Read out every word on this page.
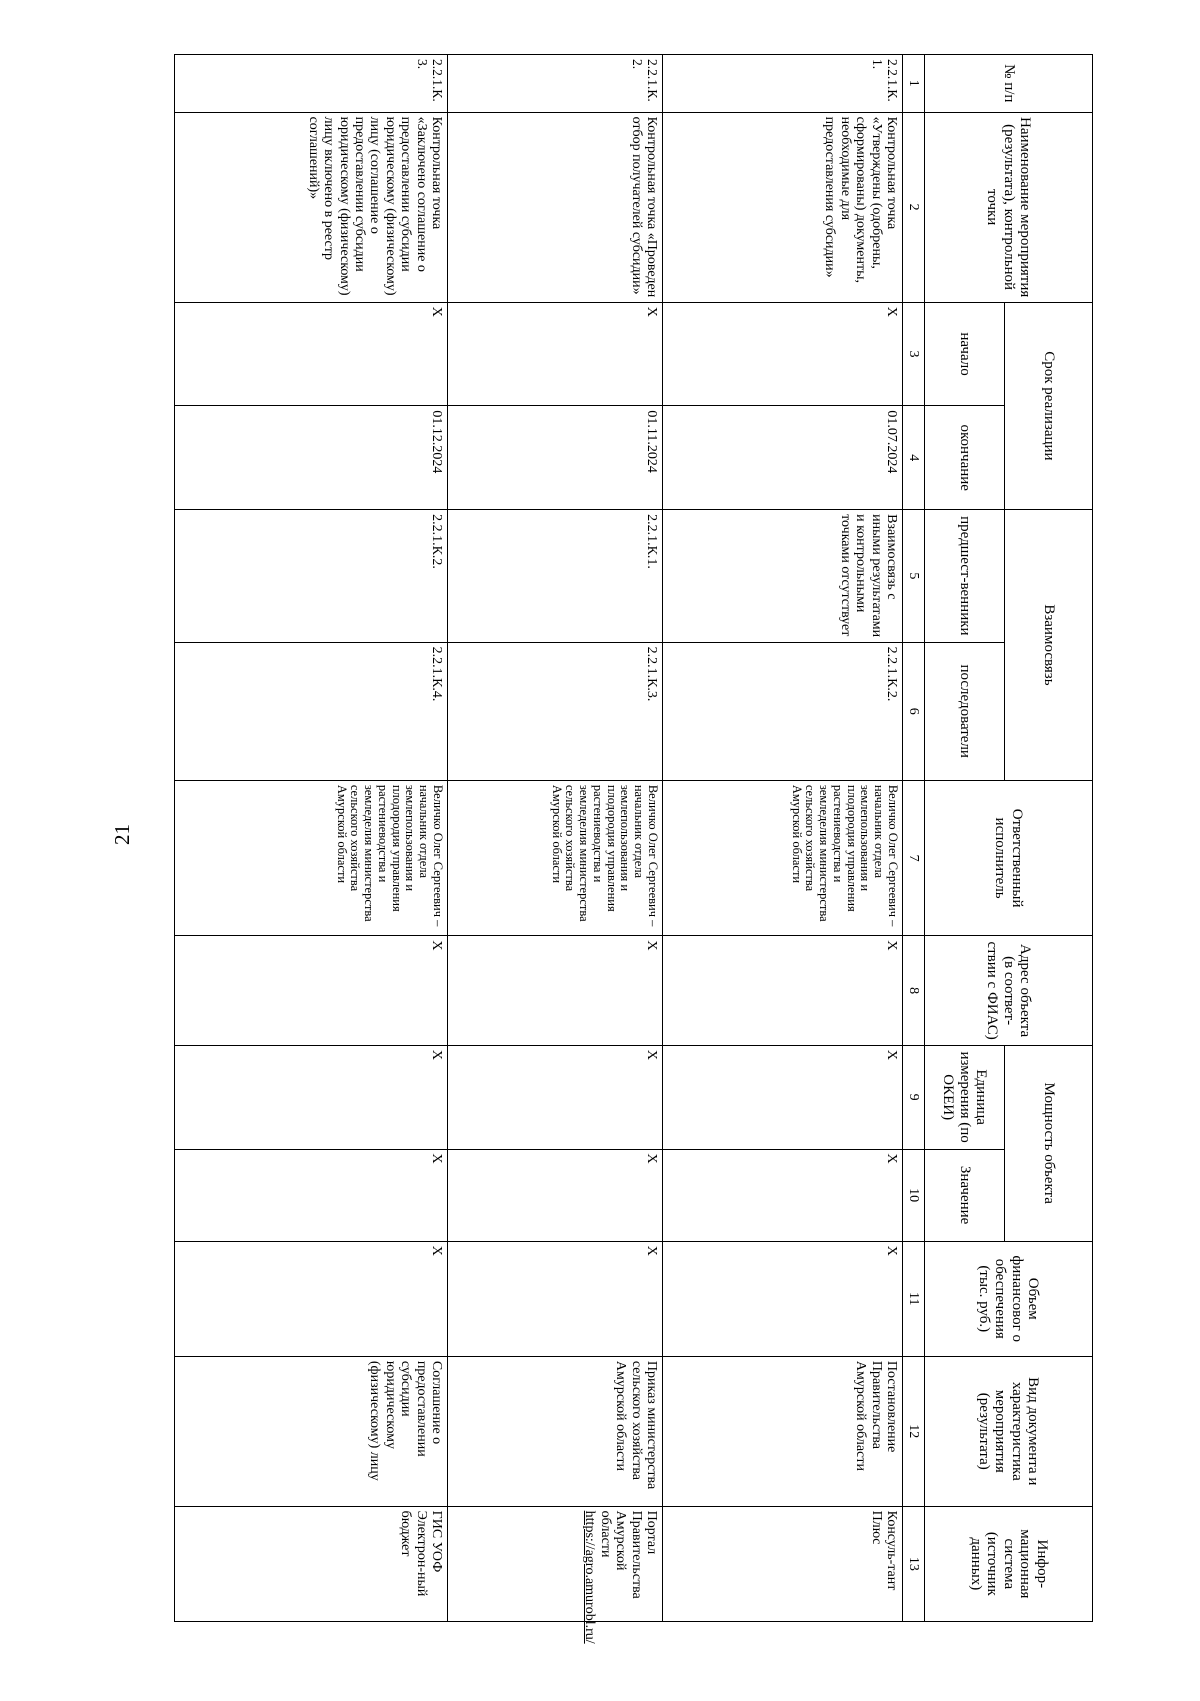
21
№ п/п	Наименование мероприятия (результата), контрольной точки	Срок реализации		Взаимосвязь		Ответственный исполнитель	Адрес объекта (в соответ-ствии с ФИАС)	Мощность объекта		Объем финансовог о обеспечения (тыс. руб.)	Вид документа и характеристика мероприятия (результата)	Инфор-мационная система (источник данных)
		начало	окончание	предшест-венники	последователи			Единица измерения (по ОКЕИ)	Значение			
1	2	3	4	5	6	7	8	9	10	11	12	13
2.2.1.К. 1.	Контрольная точка «Утверждены (одобрены, сформированы) документы, необходимые для предоставления субсидии»	Х	01.07.2024	Взаимосвязь с иными результатами и контрольными точками отсутствует	2.2.1.К.2.	Величко Олег Сергеевич – начальник отдела землепользования и плодородия управления растениеводства и земледелия министерства сельского хозяйства Амурской области	Х	Х	Х	Х	Постановление Правительства Амурской области	Консуль-тант Плюс
2.2.1.К. 2.	Контрольная точка «Проведен отбор получателей субсидии»	Х	01.11.2024	2.2.1.К.1.	2.2.1.К.3.	Величко Олег Сергеевич – начальник отдела землепользования и плодородия управления растениеводства и земледелия министерства сельского хозяйства Амурской области	Х	Х	Х	Х	Приказ министерства сельского хозяйства Амурской области	Портал Правительства Амурской области https://agro.amurobl.ru/
2.2.1.К. 3.	Контрольная точка «Заключено соглашение о предоставлении субсидии юридическому (физическому) лицу (соглашение о предоставлении субсидии юридическому (физическому) лицу включено в реестр соглашений)»	Х	01.12.2024	2.2.1.К.2.	2.2.1.К.4.	Величко Олег Сергеевич – начальник отдела землепользования и плодородия управления растениеводства и земледелия министерства сельского хозяйства Амурской области	Х	Х	Х	Х	Соглашение о предоставлении субсидии юридическому (физическому) лицу	ГИС УОФ Электрон-ный бюджет
